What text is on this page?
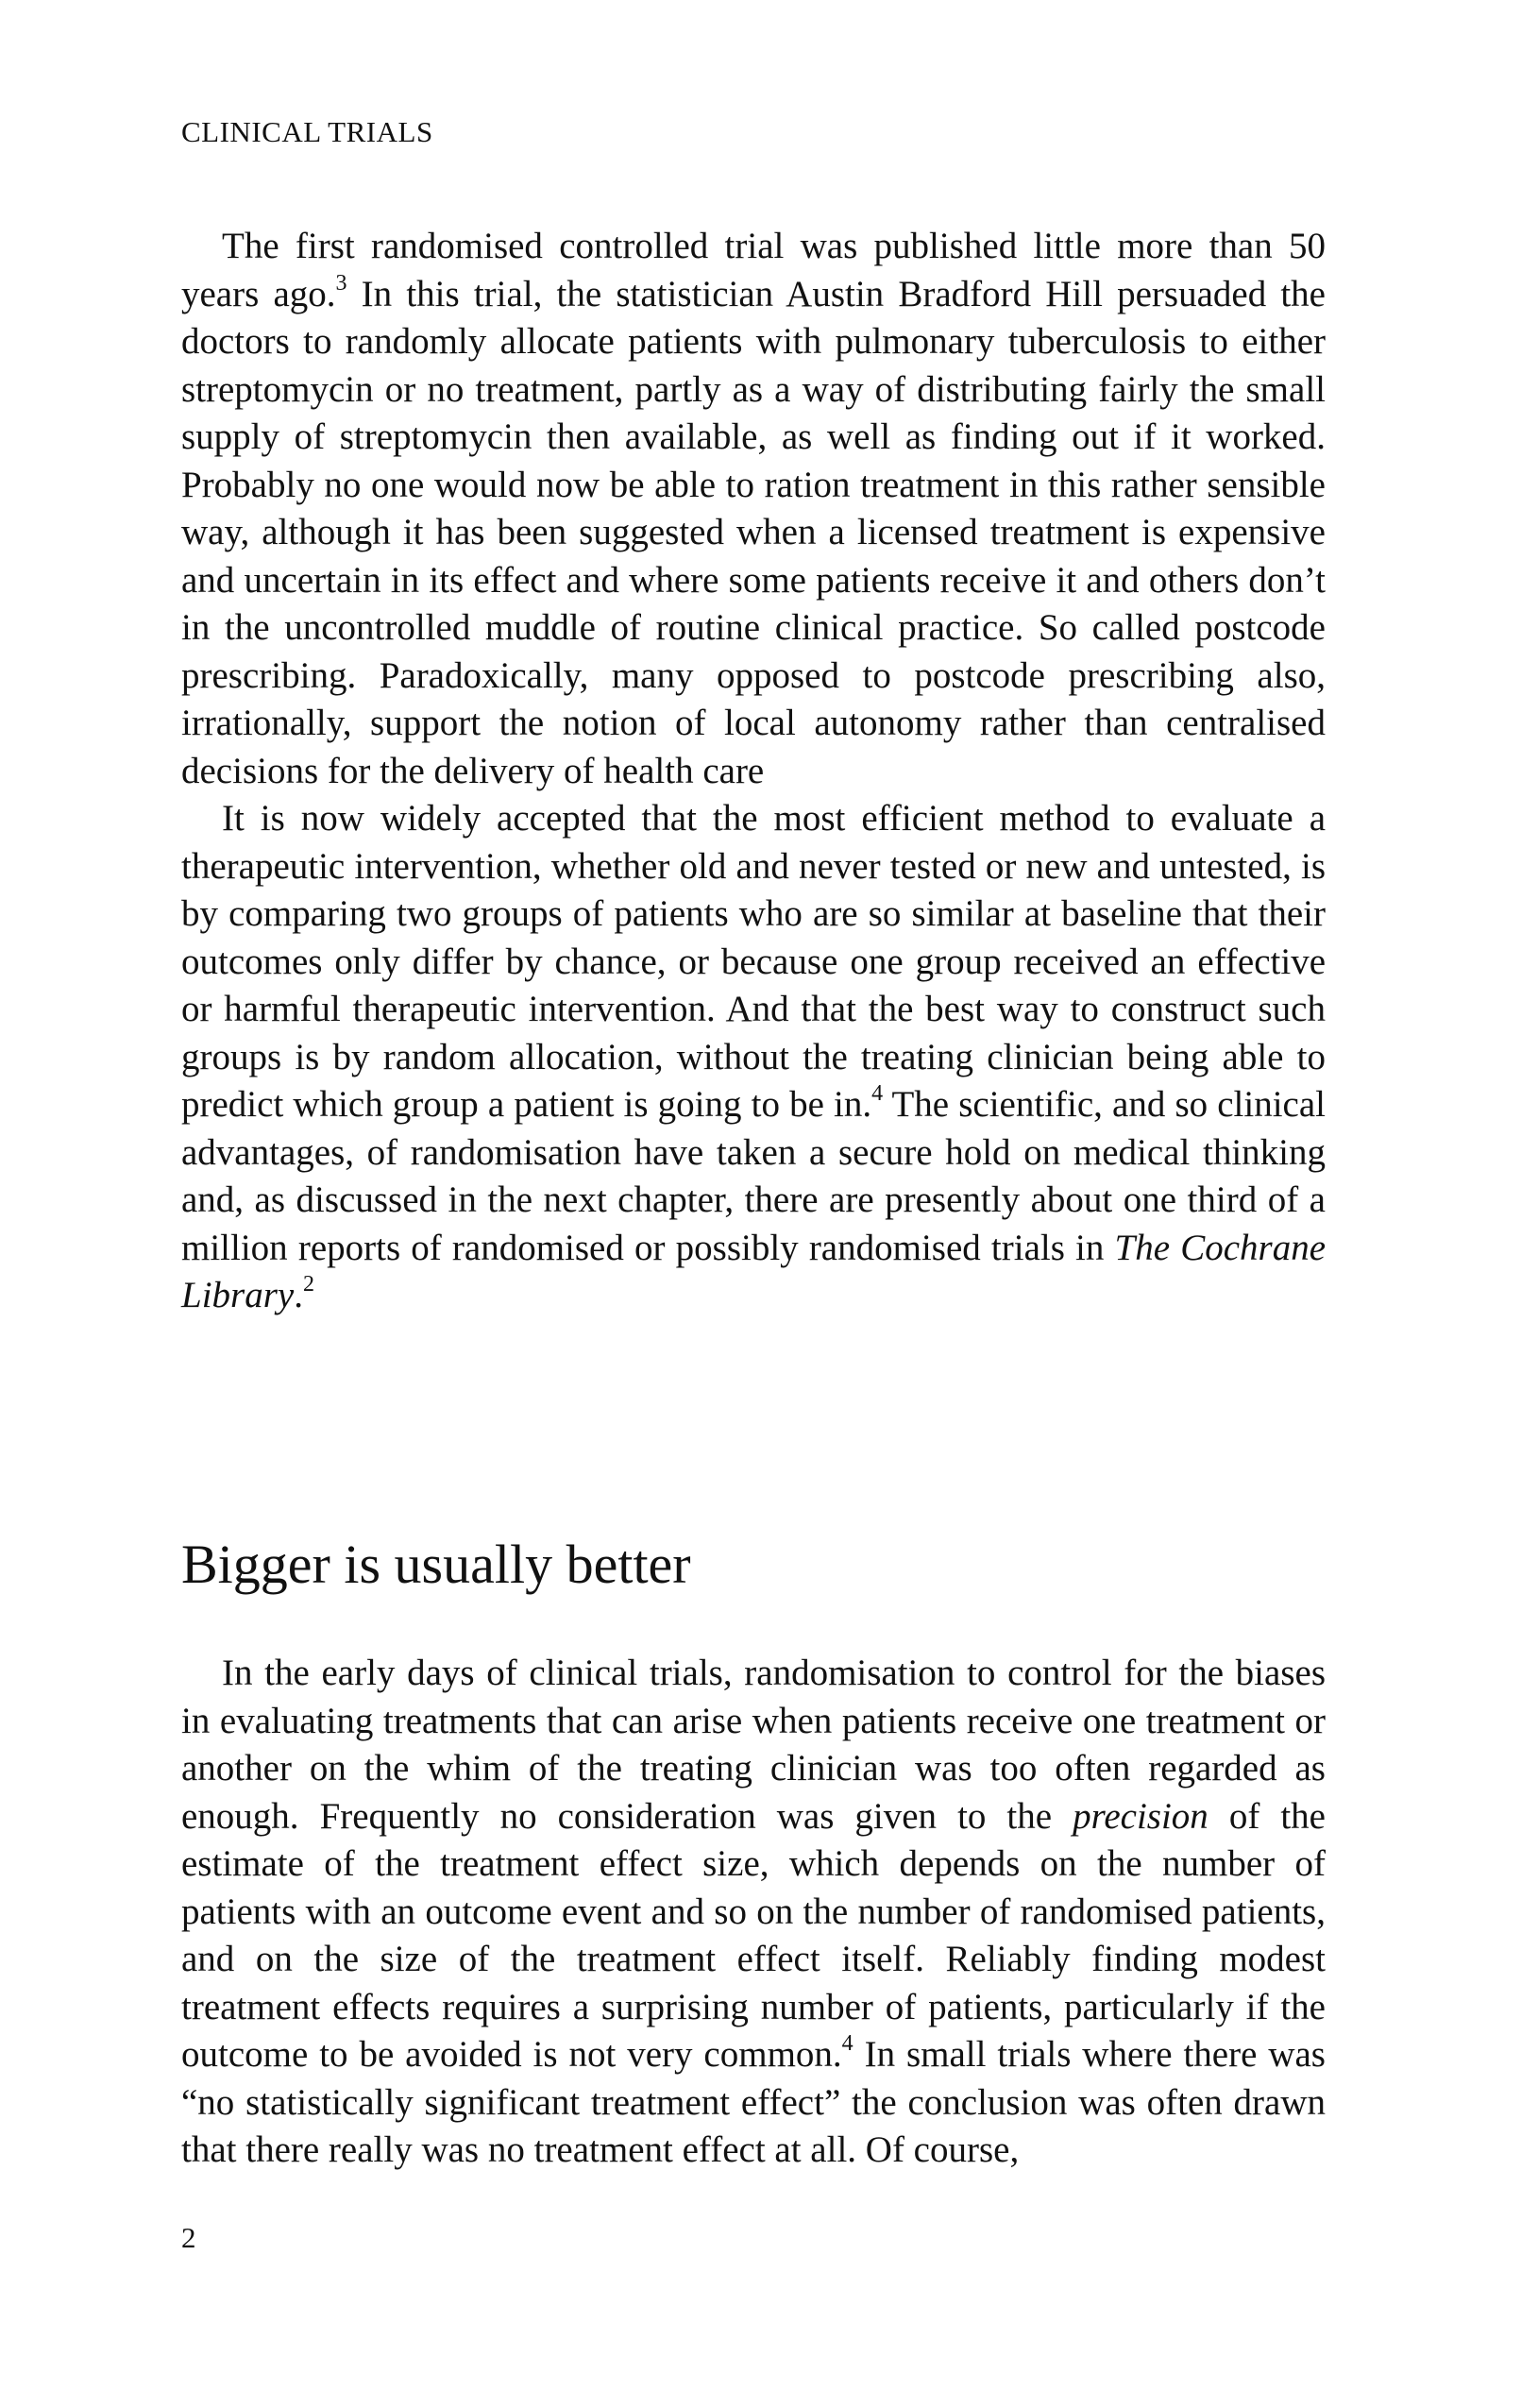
CLINICAL TRIALS

The first randomised controlled trial was published little more than 50 years ago.$^3$ In this trial, the statistician Austin Bradford Hill persuaded the doctors to randomly allocate patients with pulmonary tuberculosis to either streptomycin or no treatment, partly as a way of distributing fairly the small supply of streptomycin then available, as well as finding out if it worked. Probably no one would now be able to ration treatment in this rather sensible way, although it has been suggested when a licensed treatment is expensive and uncertain in its effect and where some patients receive it and others don’t in the uncontrolled muddle of routine clinical practice. So called postcode prescribing. Paradoxically, many opposed to postcode prescribing also, irrationally, support the notion of local autonomy rather than centralised decisions for the delivery of health care

It is now widely accepted that the most efficient method to evaluate a therapeutic intervention, whether old and never tested or new and untested, is by comparing two groups of patients who are so similar at baseline that their outcomes only differ by chance, or because one group received an effective or harmful therapeutic intervention. And that the best way to construct such groups is by random allocation, without the treating clinician being able to predict which group a patient is going to be in.$^4$ The scientific, and so clinical advantages, of randomisation have taken a secure hold on medical thinking and, as discussed in the next chapter, there are presently about one third of a million reports of randomised or possibly randomised trials in The Cochrane Library.$^2$

Bigger is usually better

In the early days of clinical trials, randomisation to control for the biases in evaluating treatments that can arise when patients receive one treatment or another on the whim of the treating clinician was too often regarded as enough. Frequently no consideration was given to the precision of the estimate of the treatment effect size, which depends on the number of patients with an outcome event and so on the number of randomised patients, and on the size of the treatment effect itself. Reliably finding modest treatment effects requires a surprising number of patients, particularly if the outcome to be avoided is not very common.$^4$ In small trials where there was “no statistically significant treatment effect” the conclusion was often drawn that there really was no treatment effect at all. Of course,

2
